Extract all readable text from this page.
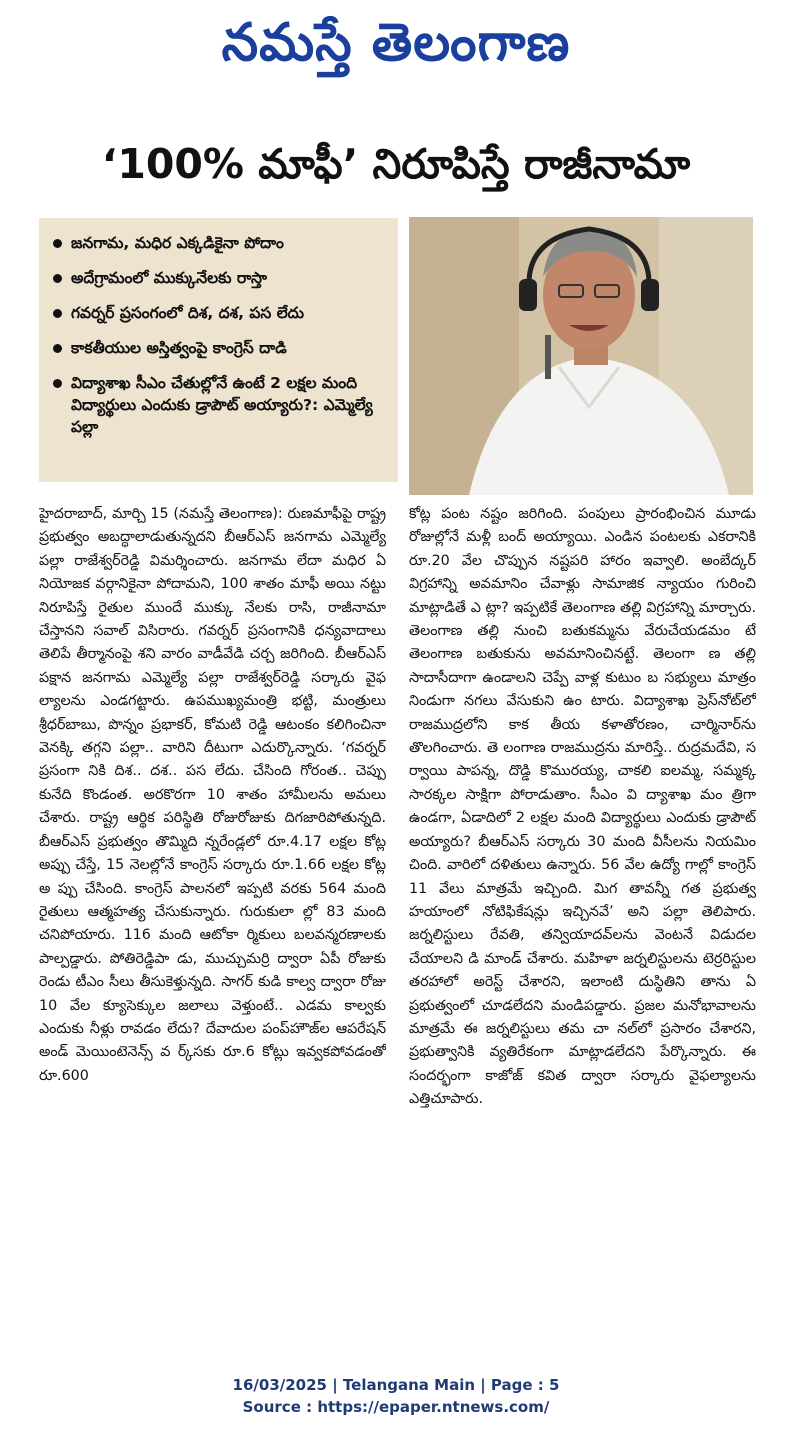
నమస్తే తెలంగాణ
‘100% మాఫీ’ నిరూపిస్తే రాజీనామా
జనగామ, మధిర ఎక్కడికైనా పోదాం
అదేగ్రామంలో ముక్కునేలకు రాస్తా
గవర్నర్ ప్రసంగంలో దిశ, దశ, పస లేదు
కాకతీయుల అస్తిత్వంపై కాంగ్రెస్ దాడి
విద్యాశాఖ సీఎం చేతుల్లోనే ఉంటే 2 లక్షల మంది విద్యార్థులు ఎందుకు డ్రాపౌట్ అయ్యారు?: ఎమ్మెల్యే పల్లా
హైదరాబాద్, మార్చి 15 (నమస్తే తెలంగాణ): రుణమాఫీపై రాష్ట్ర ప్రభుత్వం అబద్ధాలాడుతున్నదని బీఆర్ఎస్ జనగామ ఎమ్మెల్యే పల్లా రాజేశ్వర్‌రెడ్డి విమర్శించారు. జనగామ లేదా మధిర ఏ నియోజక వర్గానికైనా పోదామని, 100 శాతం మాఫీ అయి నట్టు నిరూపిస్తే రైతుల ముందే ముక్కు నేలకు రాసి, రాజీనామా చేస్తానని సవాల్ విసిరారు. గవర్నర్ ప్రసంగానికి ధన్యవాదాలు తెలిపే తీర్మానంపై శని వారం వాడీవేడి చర్చ జరిగింది. బీఆర్ఎస్ పక్షాన జనగామ ఎమ్మెల్యే పల్లా రాజేశ్వర్‌రెడ్డి సర్కారు వైఫ ల్యాలను ఎండగట్టారు. ఉపముఖ్యమంత్రి భట్టి, మంత్రులు శ్రీధర్‌బాబు, పొన్నం ప్రభాకర్, కోమటి రెడ్డి ఆటంకం కలిగించినా వెనక్కి తగ్గని పల్లా.. వారిని దీటుగా ఎదుర్కొన్నారు. ‘గవర్నర్ ప్రసంగా నికి దిశ.. దశ.. పస లేదు. చేసింది గోరంత.. చెప్పు కునేది కొండంత. అరకొరగా 10 శాతం హామీలను అమలు చేశారు. రాష్ట్ర ఆర్థిక పరిస్థితి రోజురోజుకు దిగజారిపోతున్నది. బీఆర్ఎస్ ప్రభుత్వం తొమ్మిది న్నరేండ్లలో రూ.4.17 లక్షల కోట్ల అప్పు చేస్తే, 15 నెలల్లోనే కాంగ్రెస్ సర్కారు రూ.1.66 లక్షల కోట్ల అ ప్పు చేసింది. కాంగ్రెస్ పాలనలో ఇప్పటి వరకు 564 మంది రైతులు ఆత్మహత్య చేసుకున్నారు. గురుకులా ల్లో 83 మంది చనిపోయారు. 116 మంది ఆటోకా ర్మికులు బలవన్మరణాలకు పాల్పడ్డారు. పోతిరెడ్డిపా డు, ముచ్చుమర్రి ద్వారా ఏపీ రోజుకు రెండు టీఎం సీలు తీసుకెళ్తున్నది. సాగర్ కుడి కాల్వ ద్వారా రోజు 10 వేల క్యూసెక్కుల జలాలు వెళ్తుంటే.. ఎడమ కాల్వకు ఎందుకు నీళ్లు రావడం లేదు? దేవాదుల పంప్‌హౌజ్‌ల ఆపరేషన్ అండ్ మెయింటెనెన్స్ వ ర్క్‌సకు రూ.6 కోట్లు ఇవ్వకపోవడంతో రూ.600
కోట్ల పంట నష్టం జరిగింది. పంపులు ప్రారంభించిన మూడు రోజుల్లోనే మళ్లీ బంద్ అయ్యాయి. ఎండిన పంటలకు ఎకరానికి రూ.20 వేల చొప్పున నష్టపరి హారం ఇవ్వాలి. అంబేద్కర్ విగ్రహాన్ని అవమానిం చేవాళ్లు సామాజిక న్యాయం గురించి మాట్లాడితే ఎ ట్లా? ఇప్పటికే తెలంగాణ తల్లి విగ్రహాన్ని మార్చారు. తెలంగాణ తల్లి నుంచి బతుకమ్మను వేరుచేయడమం టే తెలంగాణ బతుకును అవమానించినట్టే. తెలంగా ణ తల్లి సాదాసీదాగా ఉండాలని చెప్పే వాళ్ల కుటుం బ సభ్యులు మాత్రం నిండుగా నగలు వేసుకుని ఉం టారు. విద్యాశాఖ ప్రెస్‌నోట్‌లో రాజముద్రలోని కాక తీయ కళాతోరణం, చార్మినార్‌ను తొలగించారు. తె లంగాణ రాజముద్రను మారిస్తే.. రుద్రమదేవి, స ర్వాయి పాపన్న, దొడ్డి కొమురయ్య, చాకలి ఐలమ్మ, సమ్మక్క సారక్కల సాక్షిగా పోరాడుతాం. సీఎం వి ద్యాశాఖ మం త్రిగా ఉండగా, ఏడాదిలో 2 లక్షల మంది విద్యార్థులు ఎందుకు డ్రాపౌట్ అయ్యారు? బీఆర్ఎస్ సర్కారు 30 మంది వీసీలను నియమిం చింది. వారిలో దళితులు ఉన్నారు. 56 వేల ఉద్యో గాల్లో కాంగ్రెస్ 11 వేలు మాత్రమే ఇచ్చింది. మిగ తావన్నీ గత ప్రభుత్వ హయాంలో నోటిఫికేషన్లు ఇచ్చినవే’ అని పల్లా తెలిపారు. జర్నలిస్టులు రేవతి, తన్వియాదవ్‌లను వెంటనే విడుదల చేయాలని డి మాండ్ చేశారు. మహిళా జర్నలిస్టులను టెర్రరిస్టుల తరహాలో అరెస్ట్ చేశారని, ఇలాంటి దుస్థితిని తాను ఏ ప్రభుత్వంలో చూడలేదని మండిపడ్డారు. ప్రజల మనోభావాలను మాత్రమే ఈ జర్నలిస్టులు తమ చా నల్‌లో ప్రసారం చేశారని, ప్రభుత్వానికి వ్యతిరేకంగా మాట్లాడలేదని పేర్కొన్నారు. ఈ సందర్భంగా కాజోజ్ కవిత ద్వారా సర్కారు వైఫల్యాలను ఎత్తిచూపారు.
16/03/2025 | Telangana Main | Page : 5
Source : https://epaper.ntnews.com/
